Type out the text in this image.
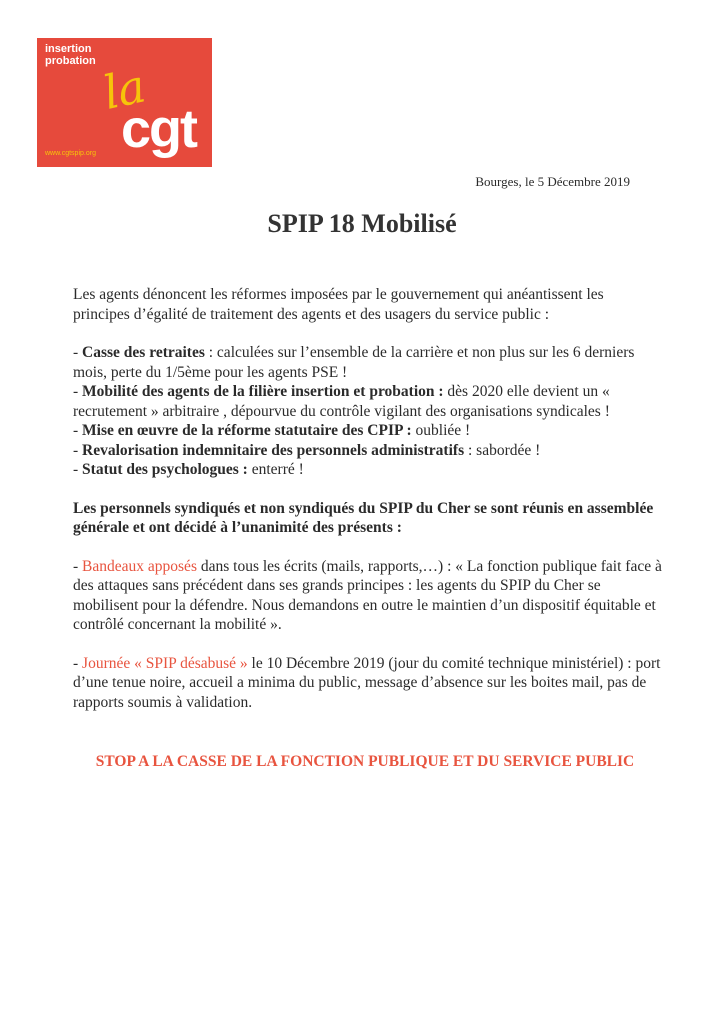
insertion
probation la
cgt
www.cgtspip.org
Bourges, le 5 Décembre 2019
SPIP 18 Mobilisé

Les agents dénoncent les réformes imposées par le gouvernement qui anéantissent les principes d’égalité de traitement des agents et des usagers du service public :

- Casse des retraites : calculées sur l’ensemble de la carrière et non plus sur les 6 derniers mois, perte du 1/5ème pour les agents PSE !

- Mobilité des agents de la filière insertion et probation : dès 2020 elle devient un « recrutement » arbitraire , dépourvue du contrôle vigilant des organisations syndicales !

- Mise en œuvre de la réforme statutaire des CPIP : oubliée !

- Revalorisation indemnitaire des personnels administratifs : sabordée !

- Statut des psychologues : enterré !

Les personnels syndiqués et non syndiqués du SPIP du Cher se sont réunis en assemblée générale et ont décidé à l’unanimité des présents :

- Bandeaux apposés dans tous les écrits (mails, rapports,…) : « La fonction publique fait face à des attaques sans précédent dans ses grands principes : les agents du SPIP du Cher se mobilisent pour la défendre. Nous demandons en outre le maintien d’un dispositif équitable et contrôlé concernant la mobilité ».

- Journée « SPIP désabusé » le 10 Décembre 2019 (jour du comité technique ministériel) : port d’une tenue noire, accueil a minima du public, message d’absence sur les boites mail, pas de rapports soumis à validation.

STOP A LA CASSE DE LA FONCTION PUBLIQUE ET DU SERVICE PUBLIC
